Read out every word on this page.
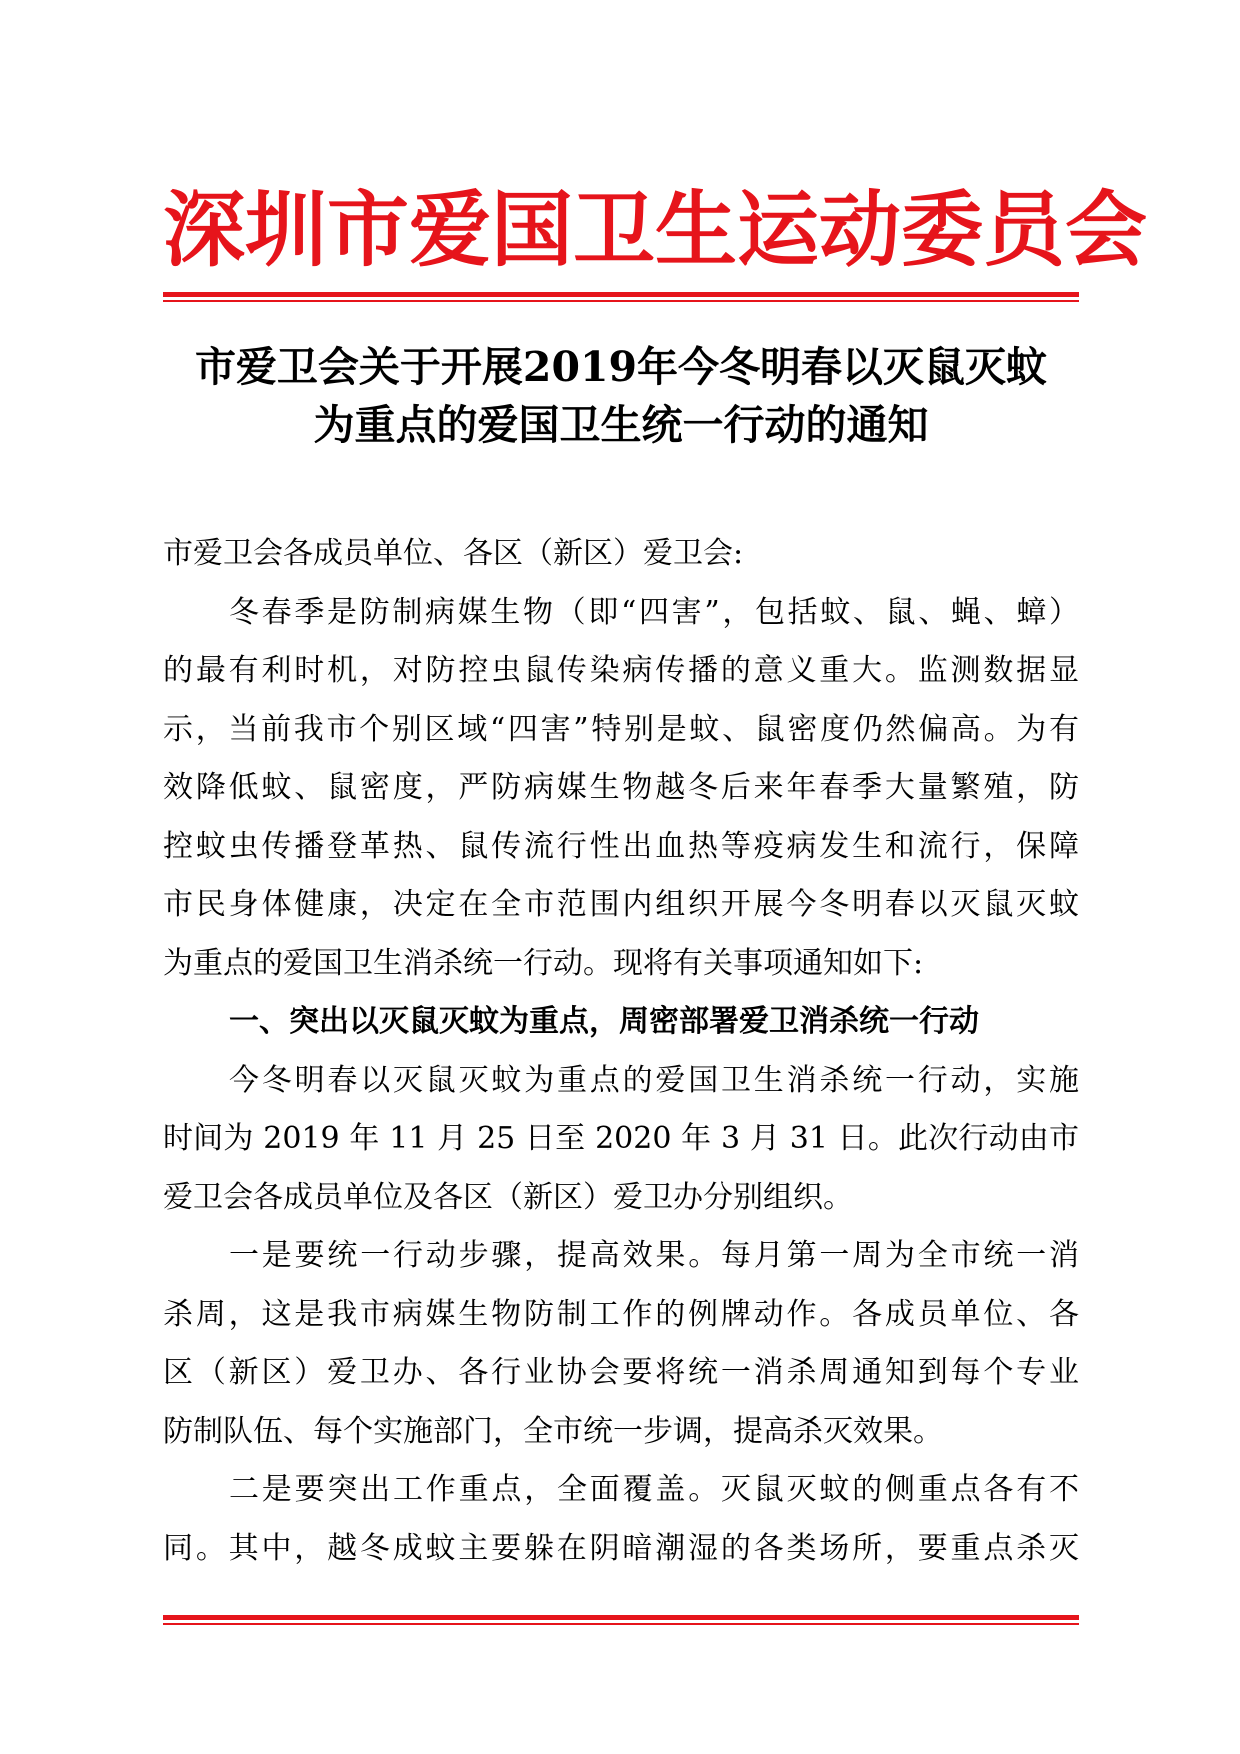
深圳市爱国卫生运动委员会
市爱卫会关于开展2019年今冬明春以灭鼠灭蚊
为重点的爱国卫生统一行动的通知
市爱卫会各成员单位、各区（新区）爱卫会:
冬春季是防制病媒生物（即“四害”，包括蚊、鼠、蝇、蟑）
的最有利时机，对防控虫鼠传染病传播的意义重大。监测数据显
示，当前我市个别区域“四害”特别是蚊、鼠密度仍然偏高。为有
效降低蚊、鼠密度，严防病媒生物越冬后来年春季大量繁殖，防
控蚊虫传播登革热、鼠传流行性出血热等疫病发生和流行，保障
市民身体健康，决定在全市范围内组织开展今冬明春以灭鼠灭蚊
为重点的爱国卫生消杀统一行动。现将有关事项通知如下:
一、突出以灭鼠灭蚊为重点，周密部署爱卫消杀统一行动
今冬明春以灭鼠灭蚊为重点的爱国卫生消杀统一行动，实施
时间为 2019 年 11 月 25 日至 2020 年 3 月 31 日。此次行动由市
爱卫会各成员单位及各区（新区）爱卫办分别组织。
一是要统一行动步骤，提高效果。每月第一周为全市统一消
杀周，这是我市病媒生物防制工作的例牌动作。各成员单位、各
区（新区）爱卫办、各行业协会要将统一消杀周通知到每个专业
防制队伍、每个实施部门，全市统一步调，提高杀灭效果。
二是要突出工作重点，全面覆盖。灭鼠灭蚊的侧重点各有不
同。其中，越冬成蚊主要躲在阴暗潮湿的各类场所，要重点杀灭
